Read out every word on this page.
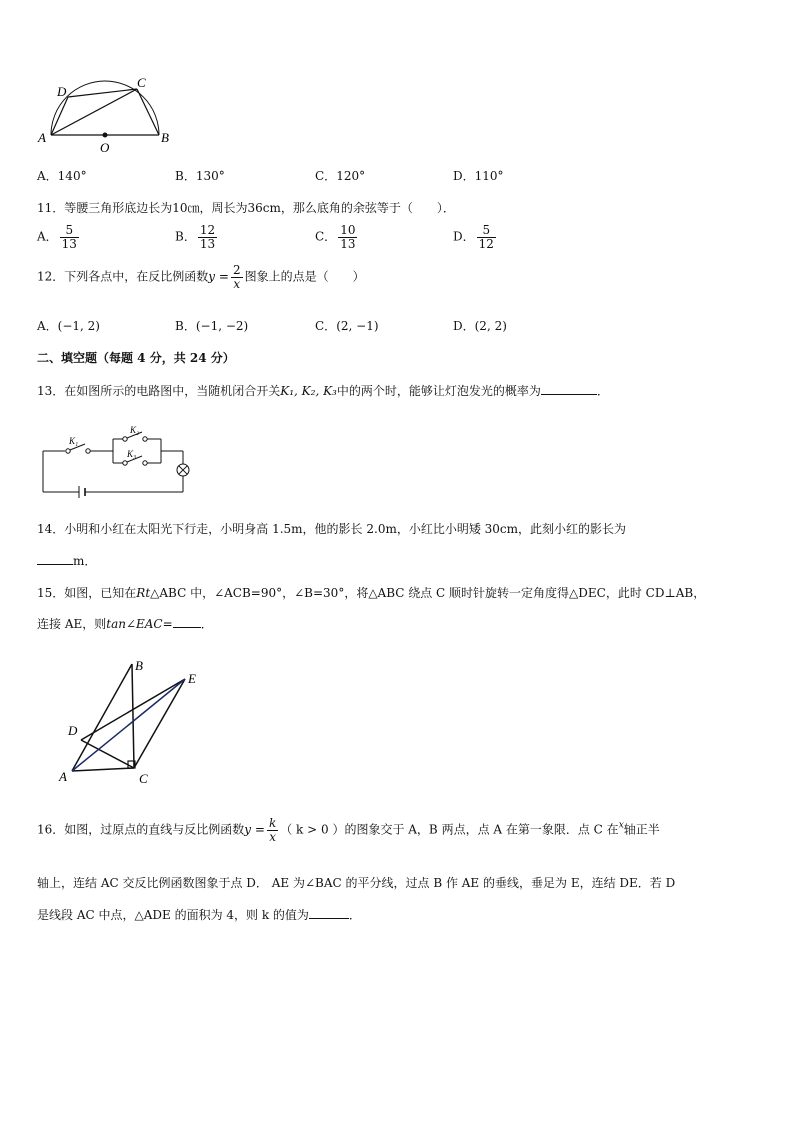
A
D
C
B
O
A．140°	B．130°	C．120°	D．110°
11．等腰三角形底边长为10㎝，周长为36cm，那么底角的余弦等于（　　）．
A． $\frac{5}{13}$	B． $\frac{12}{13}$	C． $\frac{10}{13}$	D． $\frac{5}{12}$
12．下列各点中，在反比例函数$y = \frac{2}{x}$ 图象上的点是（　　）
A．(−1, 2)	B．(−1, −2)	C．(2, −1)	D．(2, 2)
二、填空题（每题 4 分，共 24 分）
13．在如图所示的电路图中，当随机闭合开关K₁, K₂, K₃中的两个时，能够让灯泡发光的概率为	．
K₁
K₂
K₃
14．小明和小红在太阳光下行走，小明身高 1.5m，他的影长 2.0m，小红比小明矮 30cm，此刻小红的影长为
m．
15．如图，已知在Rt△ABC 中，∠ACB=90°，∠B=30°，将△ABC 绕点 C 顺时针旋转一定角度得△DEC，此时 CD⊥AB，
连接 AE，则tan∠EAC= ．
B
E
D
A	C
16．如图，过原点的直线与反比例函数$y = \frac{k}{x}$ （ k > 0 ）的图象交于 A，B 两点，点 A 在第一象限．点 C 在$^x$轴正半
轴上，连结 AC 交反比例函数图象于点 D． AE 为∠BAC 的平分线，过点 B 作 AE 的垂线，垂足为 E，连结 DE．若 D
是线段 AC 中点，△ADE 的面积为 4，则 k 的值为	．
